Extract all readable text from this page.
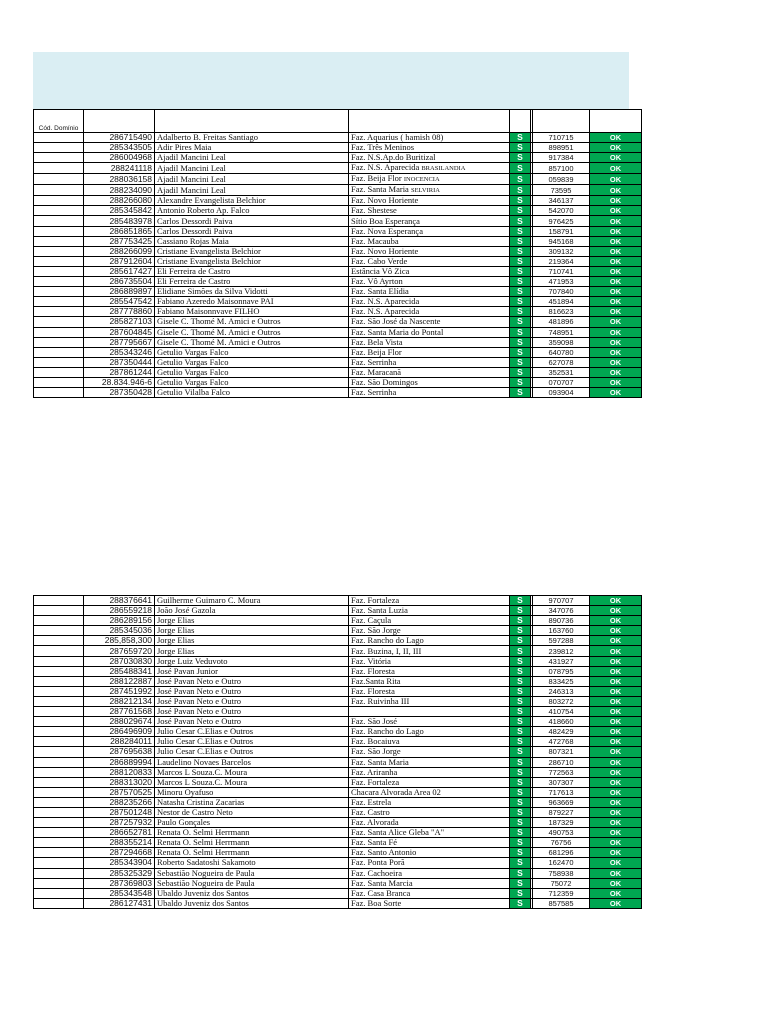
Cód. Domínio							
	286715490	Adalberto B. Freitas Santiago	Faz. Aquarius ( hamish 08)	S		710715	OK
	285343505	Adir Pires Maia	Faz. Três Meninos	S		898951	OK
	286004968	Ajadil Mancini Leal	Faz. N.S.Ap.do Buritizal	S		917384	OK
	288241118	Ajadil Mancini Leal	Faz. N.S. Aparecida BRASILANDIA	S		857100	OK
	288036158	Ajadil Mancini Leal	Faz. Beija Flor INOCENCIA	S		059839	OK
	288234090	Ajadil Mancini Leal	Faz. Santa Maria SELVIRIA	S		73595	OK
	288266080	Alexandre Evangelista Belchior	Faz. Novo Horiente	S		346137	OK
	285345842	Antonio Roberto Ap. Falco	Faz. Shestese	S		542070	OK
	285483978	Carlos Dessordi Paiva	Sítio Boa Esperança	S		976425	OK
	286851865	Carlos Dessordi Paiva	Faz. Nova Esperança	S		158791	OK
	287753425	Cassiano Rojas Maia	Faz. Macauba	S		945168	OK
	288266099	Cristiane Evangelista Belchior	Faz. Novo Horiente	S		309132	OK
	287912604	Cristiane Evangelista Belchior	Faz. Cabo Verde	S		219364	OK
	285617427	Eli Ferreira de Castro	Estância Vô Zica	S		710741	OK
	286735504	Eli Ferreira de Castro	Faz. Vô Ayrton	S		471953	OK
	286889897	Elidiane Simões da Silva Vidotti	Faz. Santa Elídia	S		707840	OK
	285547542	Fabiano Azeredo Maisonnave PAI	Faz. N.S. Aparecida	S		451894	OK
	287778860	Fabiano Maisonnvave FILHO	Faz. N.S. Aparecida	S		816623	OK
	285827103	Gisele C. Thomé M. Amici e Outros	Faz. São José da Nascente	S		481896	OK
	287604845	Gisele C. Thomé M. Amici e Outros	Faz. Santa Maria do Pontal	S		748951	OK
	287795667	Gisele C. Thomé M. Amici e Outros	Faz. Bela Vista	S		359098	OK
	285343246	Getulio Vargas Falco	Faz. Beija Flor	S		640780	OK
	287350444	Getulio Vargas Falco	Faz. Serrinha	S		627078	OK
	287861244	Getulio Vargas Falco	Faz. Maracanã	S		352531	OK
	28.834.946-6	Getulio Vargas Falco	Faz. São Domingos	S		070707	OK
	287350428	Getulio Vilalba Falco	Faz. Serrinha	S		093904	OK
	288376641	Guilherme Guimaro C. Moura	Faz. Fortaleza	S		970707	OK
	286559218	João José Gazola	Faz. Santa Luzia	S		347076	OK
	286289156	Jorge Elias	Faz. Caçula	S		890736	OK
	285345036	Jorge Elias	Faz. São Jorge	S		163760	OK
	285,858,300	Jorge Elias	Faz. Rancho do Lago	S		597288	OK
	287659720	Jorge Elias	Faz. Buzina, I, II, III	S		239812	OK
	287030830	Jorge Luiz Veduvoto	Faz. Vitória	S		431927	OK
	285488341	José Pavan Junior	Faz. Floresta	S		078795	OK
	288122887	José Pavan Neto e Outro	Faz.Santa Rita	S		833425	OK
	287451992	José Pavan Neto e Outro	Faz. Floresta	S		246313	OK
	288212134	José Pavan Neto e Outro	Faz. Ruivinha III	S		803272	OK
	287761568	José Pavan Neto e Outro		S		410754	OK
	288029674	José Pavan Neto e Outro	Faz. São José	S		418660	OK
	286496909	Julio Cesar C.Elias e Outros	Faz. Rancho do Lago	S		482429	OK
	288284011	Julio Cesar C.Elias e Outros	Faz. Bocaiuva	S		472768	OK
	287695638	Julio Cesar C.Elias e Outros	Faz. São Jorge	S		807321	OK
	286889994	Laudelino Novaes Barcelos	Faz. Santa Maria	S		286710	OK
	288120833	Marcos L Souza.C. Moura	Faz. Ariranha	S		772563	OK
	288313020	Marcos L Souza.C. Moura	Faz. Fortaleza	S		307307	OK
	287570525	Minoru Oyafuso	Chacara Alvorada Area 02	S		717613	OK
	288235266	Natasha Cristina Zacarias	Faz. Estrela	S		963669	OK
	287501248	Nestor de Castro Neto	Faz. Castro	S		879227	OK
	287257932	Paulo Gonçales	Faz. Alvorada	S		187329	OK
	286652781	Renata O. Selmi Herrmann	Faz. Santa Alice Gleba "A"	S		490753	OK
	288355214	Renata O. Selmi Herrmann	Faz. Santa Fé	S		76756	OK
	287294668	Renata O. Selmi Herrmann	Faz. Santo Antonio	S		681296	OK
	285343904	Roberto Sadatoshi Sakamoto	Faz. Ponta Porã	S		162470	OK
	285325329	Sebastião Nogueira de Paula	Faz. Cachoeira	S		758938	OK
	287369803	Sebastião Nogueira de Paula	Faz. Santa Marcia	S		75072	OK
	285343548	Ubaldo Juveniz dos Santos	Faz. Casa Branca	S		712359	OK
	286127431	Ubaldo Juveniz dos Santos	Faz. Boa Sorte	S		857585	OK
